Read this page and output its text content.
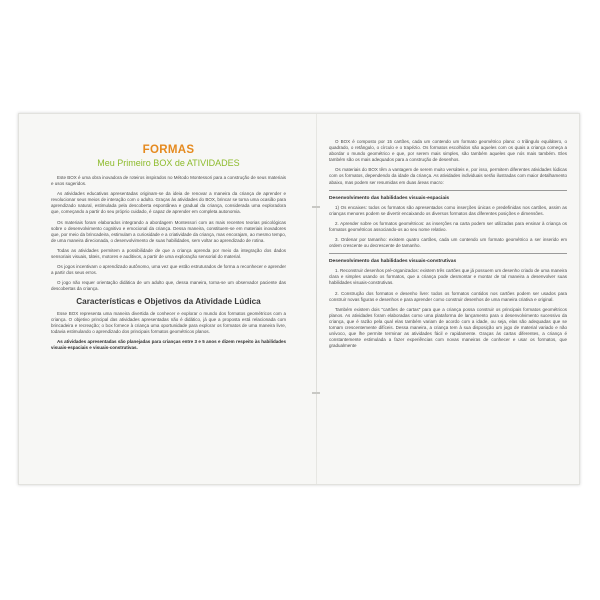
FORMAS
Meu Primeiro BOX de ATIVIDADES

Este BOX é uma obra inovadora de roteiros inspirados no Método Montessori para a construção de seus materiais e usos sugeridos.

As atividades educativas apresentadas originam-se da ideia de renovar a maneira da criança de aprender e revolucionar seus meios de interação com o adulto. Graças às atividades do BOX, brincar se torna uma ocasião para aprendizado natural, estimulada pela descoberta espontânea e gradual da criança, considerada uma exploradora que, começando a partir do seu próprio cuidado, é capaz de aprender em completa autonomia.

Os materiais foram elaborados integrando a abordagem Montessori com as mais recentes teorias psicológicas sobre o desenvolvimento cognitivo e emocional da criança. Dessa maneira, constituem-se em materiais inovadores que, por meio da brincadeira, estimulam a curiosidade e a criatividade da criança, mas encorajam, ao mesmo tempo, de uma maneira direcionada, o desenvolvimento de suas habilidades, sem voltar ao aprendizado de rotina.

Todas as atividades permitem a possibilidade de que a criança aprenda por meio da integração dos dados sensoriais visuais, táteis, motores e auditivos, a partir de uma exploração sensorial do material.

Os jogos incentivam o aprendizado autônomo, uma vez que estão estruturados de forma a reconhecer e aprender a partir dos seus erros.

O jogo não requer orientação didática de um adulto que, dessa maneira, torna-se um observador paciente das descobertas da criança.

Características e Objetivos da Atividade Lúdica

Esse BOX representa uma maneira divertida de conhecer e explorar o mundo dos formatos geométricos com a criança. O objetivo principal das atividades apresentadas não é didático, já que a proposta está relacionada com brincadeira e recreação; o box fornece à criança uma oportunidade para explorar os formatos de uma maneira livre, todavia estimulando o aprendizado dos principais formatos geométricos planos.

As atividades apresentadas são planejadas para crianças entre 3 e 5 anos e dizem respeito às habilidades visuais-espaciais e visuais-construtivas.

O BOX é composto por 15 cartões, cada um contendo um formato geométrico plano: o triângulo equilátero, o quadrado, o retângulo, o círculo e o trapézio. Os formatos escolhidos são aqueles com os quais a criança começa a abordar o mundo geométrico e que, por serem mais simples, são também aqueles que nós mais também. Eles também são os mais adequados para a construção de desenhos.

Os materiais do BOX têm a vantagem de serem muito versáteis e, por isso, permitem diferentes atividades lúdicas com os formatos, dependendo da idade da criança. As atividades individuais serão ilustradas com maior detalhamento abaixo, mas podem ser resumidas em duas áreas macro:

Desenvolvimento das habilidades visuais-espaciais

1) Os encaixes: todos os formatos são apresentados como inserções únicas e predefinidas nos cartões, assim as crianças menores podem se divertir encaixando os diversos formatos das diferentes posições e dimensões.

2. Aprender sobre os formatos geométricos: as inserções na carta podem ser utilizadas para ensinar à criança os formatos geométricos associando-os ao seu nome relativo.

3. Ordenar por tamanho: existem quatro cartões, cada um contendo um formato geométrico a ser inserido em ordem crescente ou decrescente de tamanho.

Desenvolvimento das habilidades visuais-construtivas

1. Reconstruir desenhos pré-organizados: existem três cartões que já possuem um desenho criado de uma maneira clara e simples usando os formatos, que a criança pode desmontar e montar de tal maneira a desenvolver suas habilidades visuais-construtivas.

2. Construção dos formatos e desenho livre: todos os formatos contidos nos cartões podem ser usados para construir novas figuras e desenhos e para aprender como construir desenhos de uma maneira criativa e original.

Também existem dois "cartões de cartas" para que a criança possa construir os principais formatos geométricos planos. As atividades foram elaboradas como uma plataforma de lançamento para o desenvolvimento sucessivo da criança, que é razão pela qual elas também variam de acordo com a idade, ou seja, elas são adequadas que se tornam crescentemente difíceis. Dessa maneira, a criança tem à sua disposição um jogo de material variado e não unívoco, que lhe permite terminar as atividades fácil e rapidamente. Graças às cartas diferentes, a criança é constantemente estimulada a fazer experiências com novas maneiras de conhecer e usar os formatos, que gradualmente
